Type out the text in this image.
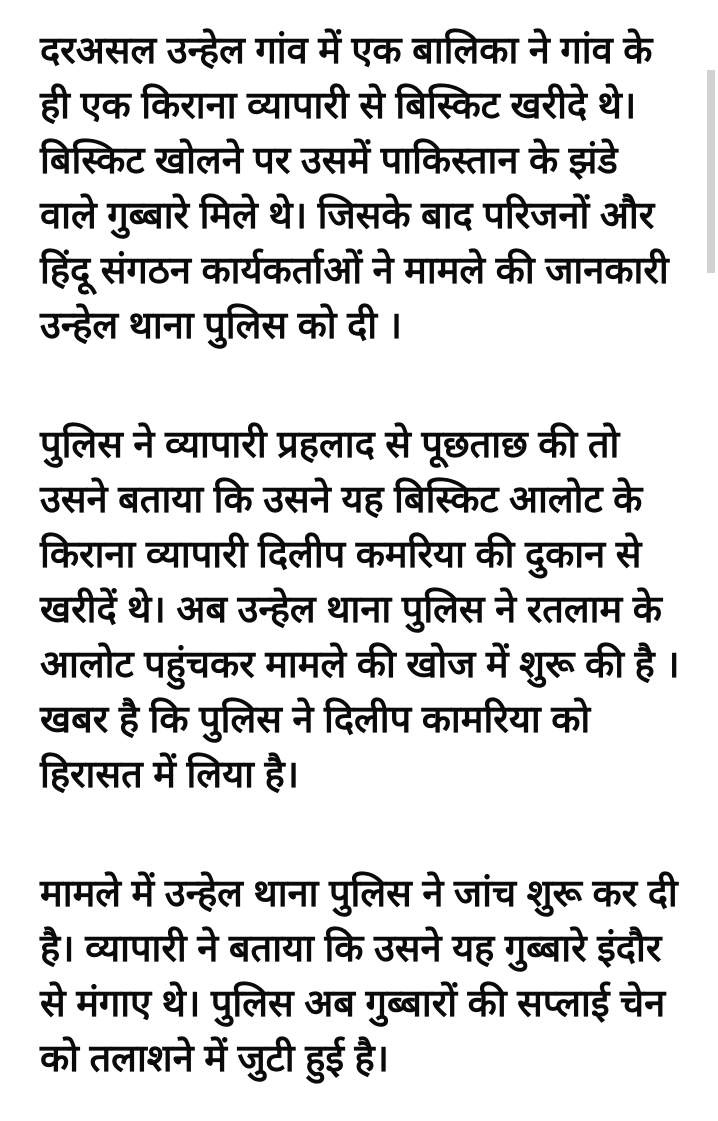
दरअसल उन्हेल गांव में एक बालिका ने गांव के ही एक किराना व्यापारी से बिस्किट खरीदे थे। बिस्किट खोलने पर उसमें पाकिस्तान के झंडे वाले गुब्बारे मिले थे। जिसके बाद परिजनों और हिंदू संगठन कार्यकर्ताओं ने मामले की जानकारी उन्हेल थाना पुलिस को दी ।

पुलिस ने व्यापारी प्रहलाद से पूछताछ की तो उसने बताया कि उसने यह बिस्किट आलोट के किराना व्यापारी दिलीप कमरिया की दुकान से खरीदें थे। अब उन्हेल थाना पुलिस ने रतलाम के आलोट पहुंचकर मामले की खोज में शुरू की है । खबर है कि पुलिस ने दिलीप कामरिया को हिरासत में लिया है।

मामले में उन्हेल थाना पुलिस ने जांच शुरू कर दी है। व्यापारी ने बताया कि उसने यह गुब्बारे इंदौर से मंगाए थे। पुलिस अब गुब्बारों की सप्लाई चेन को तलाशने में जुटी हुई है।
